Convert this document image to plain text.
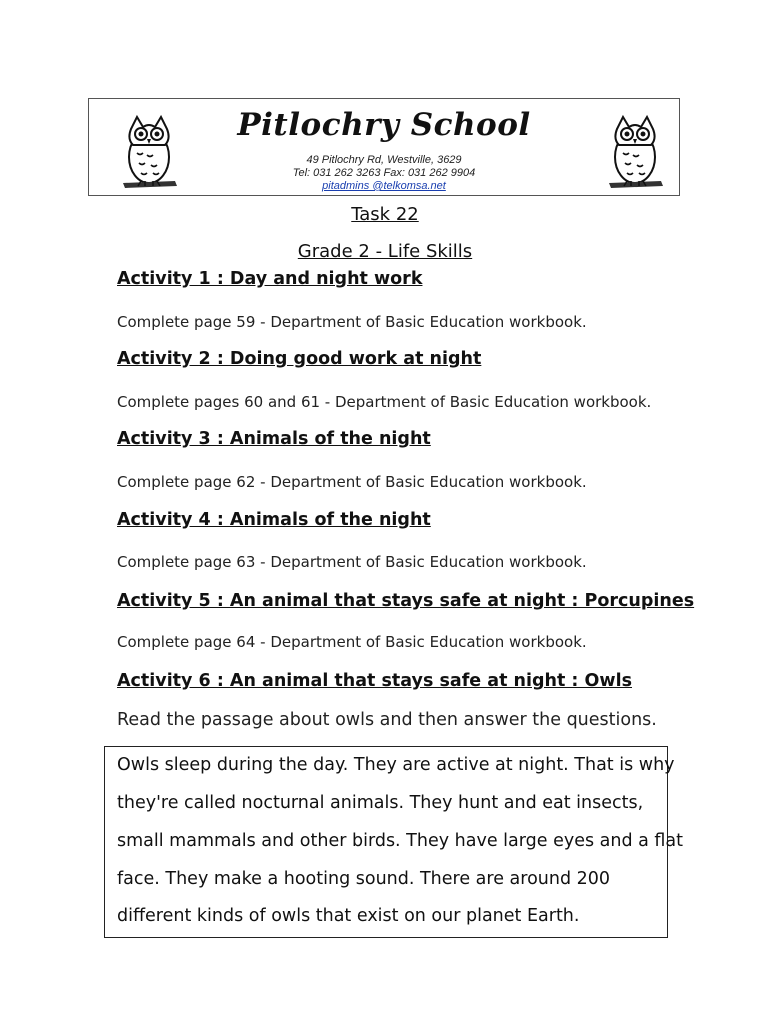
Pitlochry School
49 Pitlochry Rd, Westville, 3629
Tel: 031 262 3263 Fax: 031 262 9904
pitadmins @telkomsa.net
Task 22
Grade 2 - Life Skills
Activity 1 : Day and night work
Complete page 59 - Department of Basic Education workbook.
Activity 2 : Doing good work at night
Complete pages 60 and 61 - Department of Basic Education workbook.
Activity 3 : Animals of the night
Complete page 62 - Department of Basic Education workbook.
Activity 4 : Animals of the night
Complete page 63 - Department of Basic Education workbook.
Activity 5 : An animal that stays safe at night : Porcupines
Complete page 64 - Department of Basic Education workbook.
Activity 6 : An animal that stays safe at night : Owls
Read the passage about owls and then answer the questions.
Owls sleep during the day. They are active at night. That is why
they're called nocturnal animals. They hunt and eat insects,
small mammals and other birds. They have large eyes and a flat
face. They make a hooting sound. There are around 200
different kinds of owls that exist on our planet Earth.
